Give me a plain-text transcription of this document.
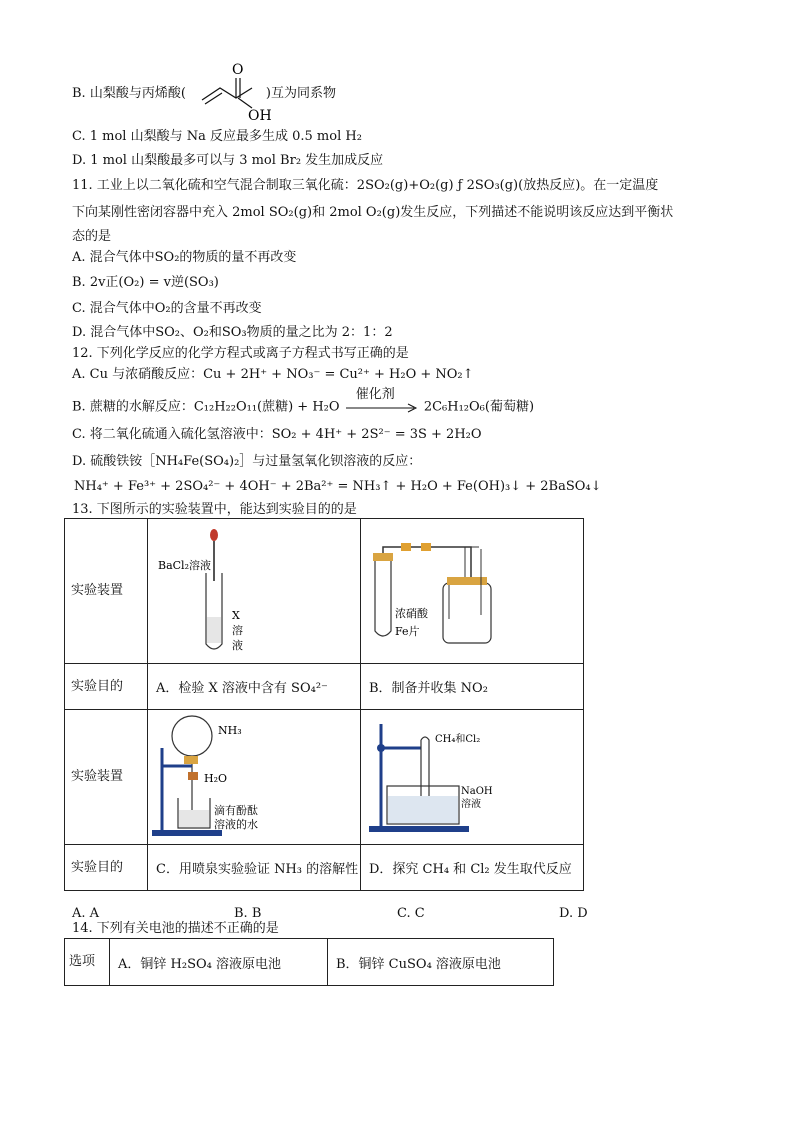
B. 山梨酸与丙烯酸(	)互为同系物
O
OH
C. 1 mol 山梨酸与 Na 反应最多生成 0.5 mol H₂
D. 1 mol 山梨酸最多可以与 3 mol Br₂ 发生加成反应
11. 工业上以二氧化硫和空气混合制取三氧化硫：2SO₂(g)+O₂(g) ƒ 2SO₃(g)(放热反应)。在一定温度
下向某刚性密闭容器中充入 2mol SO₂(g)和 2mol O₂(g)发生反应，下列描述不能说明该反应达到平衡状
态的是
A. 混合气体中SO₂的物质的量不再改变
B. 2v正(O₂) = v逆(SO₃)
C. 混合气体中O₂的含量不再改变
D. 混合气体中SO₂、O₂和SO₃物质的量之比为 2：1：2
12. 下列化学反应的化学方程式或离子方程式书写正确的是
A. Cu 与浓硝酸反应：Cu + 2H⁺ + NO₃⁻ = Cu²⁺ + H₂O + NO₂↑
B. 蔗糖的水解反应：C₁₂H₂₂O₁₁(蔗糖) + H₂O
催化剂
2C₆H₁₂O₆(葡萄糖)
C. 将二氧化硫通入硫化氢溶液中：SO₂ + 4H⁺ + 2S²⁻ = 3S + 2H₂O
D. 硫酸铁铵［NH₄Fe(SO₄)₂］与过量氢氧化钡溶液的反应：
NH₄⁺ + Fe³⁺ + 2SO₄²⁻ + 4OH⁻ + 2Ba²⁺ = NH₃↑ + H₂O + Fe(OH)₃↓ + 2BaSO₄↓
13. 下图所示的实验装置中，能达到实验目的的是
实验装置	BaCl₂溶液
X
溶
液	浓硝酸
Fe片

实验目的	A．检验 X 溶液中含有 SO₄²⁻	B．制备并收集 NO₂
实验装置	NH₃
H₂O
滴有酚酞
溶液的水	CH₄和Cl₂
NaOH
溶液

实验目的	C．用喷泉实验验证 NH₃ 的溶解性	D．探究 CH₄ 和 Cl₂ 发生取代反应
A. A	B. B	C. C	D. D
14. 下列有关电池的描述不正确的是
选项	A．铜锌 H₂SO₄ 溶液原电池	B．铜锌 CuSO₄ 溶液原电池
